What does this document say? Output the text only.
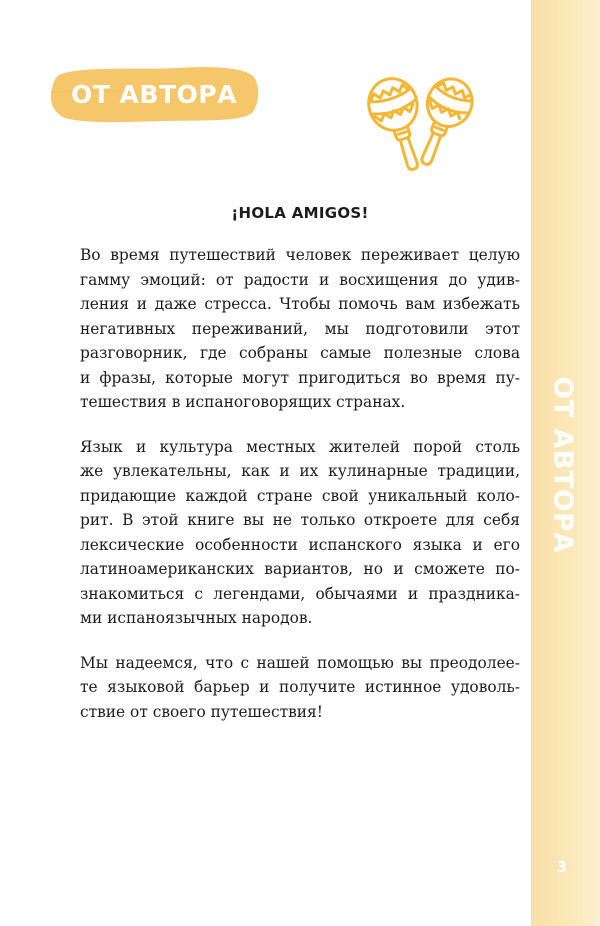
ОТ АВТОРА
3
ОТ АВТОРА
¡HOLA AMIGOS!

Во время путешествий человек переживает целую
гамму эмоций: от радости и восхищения до удив-
ления и даже стресса. Чтобы помочь вам избежать
негативных переживаний, мы подготовили этот
разговорник, где собраны самые полезные слова
и фразы, которые могут пригодиться во время пу-
тешествия в испаноговорящих странах.

Язык и культура местных жителей порой столь
же увлекательны, как и их кулинарные традиции,
придающие каждой стране свой уникальный коло-
рит. В этой книге вы не только откроете для себя
лексические особенности испанского языка и его
латиноамериканских вариантов, но и сможете по-
знакомиться с легендами, обычаями и праздника-
ми испаноязычных народов.

Мы надеемся, что с нашей помощью вы преодолее-
те языковой барьер и получите истинное удоволь-
ствие от своего путешествия!
